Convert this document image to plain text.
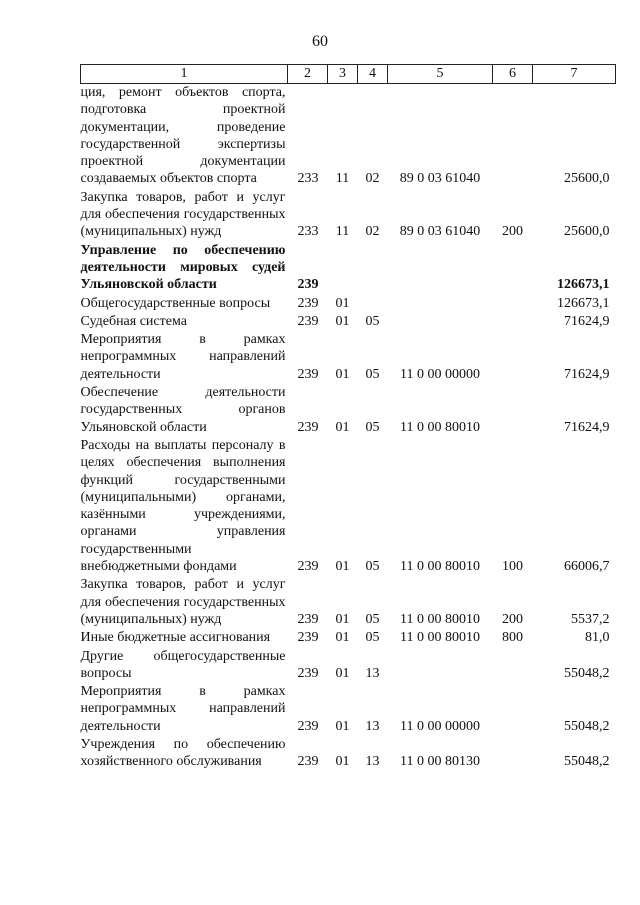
60
1	2	3	4	5	6	7
ция, ремонт объектов спорта, подготовка проектной документации, проведение государственной экспертизы проектной документации создаваемых объектов спорта	233	11	02	89 0 03 61040		25600,0
Закупка товаров, работ и услуг для обеспечения государственных (муниципальных) нужд	233	11	02	89 0 03 61040	200	25600,0
Управление по обеспечению деятельности мировых судей Ульяновской области	239					126673,1
Общегосударственные вопросы	239	01				126673,1
Судебная система	239	01	05			71624,9
Мероприятия в рамках непрограммных направлений деятельности	239	01	05	11 0 00 00000		71624,9
Обеспечение деятельности государственных органов Ульяновской области	239	01	05	11 0 00 80010		71624,9
Расходы на выплаты персоналу в целях обеспечения выполнения функций государственными (муниципальными) органами, казёнными учреждениями, органами управления государственными внебюджетными фондами	239	01	05	11 0 00 80010	100	66006,7
Закупка товаров, работ и услуг для обеспечения государственных (муниципальных) нужд	239	01	05	11 0 00 80010	200	5537,2
Иные бюджетные ассигнования	239	01	05	11 0 00 80010	800	81,0
Другие общегосударственные вопросы	239	01	13			55048,2
Мероприятия в рамках непрограммных направлений деятельности	239	01	13	11 0 00 00000		55048,2
Учреждения по обеспечению хозяйственного обслуживания	239	01	13	11 0 00 80130		55048,2
